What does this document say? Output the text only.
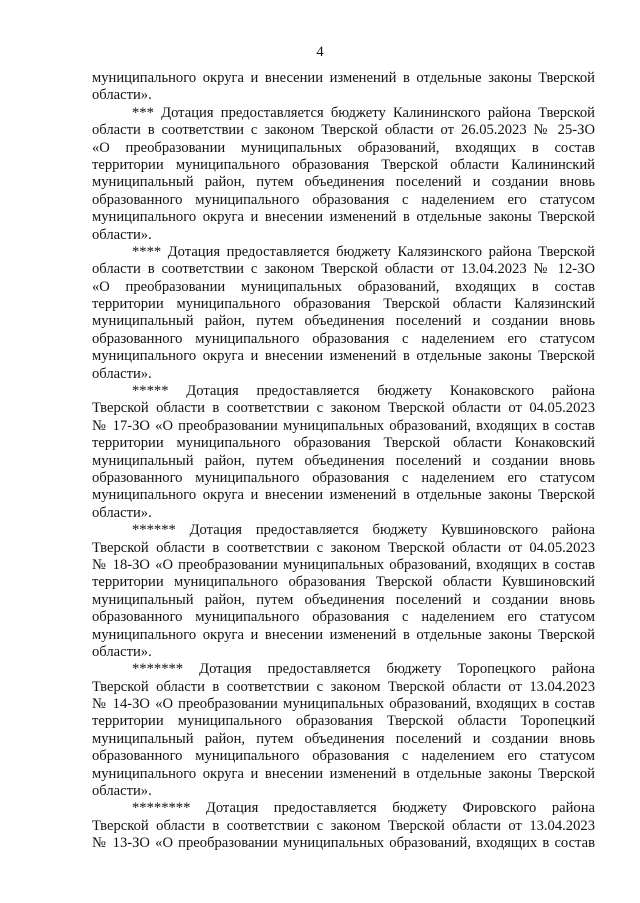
4
муниципального округа и внесении изменений в отдельные законы Тверской
области».
*** Дотация предоставляется бюджету Калининского района Тверской
области в соответствии с законом Тверской области от 26.05.2023 № 25-ЗО
«О преобразовании муниципальных образований, входящих в состав
территории муниципального образования Тверской области Калининский
муниципальный район, путем объединения поселений и создании вновь
образованного муниципального образования с наделением его статусом
муниципального округа и внесении изменений в отдельные законы Тверской
области».
**** Дотация предоставляется бюджету Калязинского района Тверской
области в соответствии с законом Тверской области от 13.04.2023 № 12-ЗО
«О преобразовании муниципальных образований, входящих в состав
территории муниципального образования Тверской области Калязинский
муниципальный район, путем объединения поселений и создании вновь
образованного муниципального образования с наделением его статусом
муниципального округа и внесении изменений в отдельные законы Тверской
области».
***** Дотация предоставляется бюджету Конаковского района
Тверской области в соответствии с законом Тверской области от 04.05.2023
№ 17-ЗО «О преобразовании муниципальных образований, входящих в состав
территории муниципального образования Тверской области Конаковский
муниципальный район, путем объединения поселений и создании вновь
образованного муниципального образования с наделением его статусом
муниципального округа и внесении изменений в отдельные законы Тверской
области».
****** Дотация предоставляется бюджету Кувшиновского района
Тверской области в соответствии с законом Тверской области от 04.05.2023
№ 18-ЗО «О преобразовании муниципальных образований, входящих в состав
территории муниципального образования Тверской области Кувшиновский
муниципальный район, путем объединения поселений и создании вновь
образованного муниципального образования с наделением его статусом
муниципального округа и внесении изменений в отдельные законы Тверской
области».
******* Дотация предоставляется бюджету Торопецкого района
Тверской области в соответствии с законом Тверской области от 13.04.2023
№ 14-ЗО «О преобразовании муниципальных образований, входящих в состав
территории муниципального образования Тверской области Торопецкий
муниципальный район, путем объединения поселений и создании вновь
образованного муниципального образования с наделением его статусом
муниципального округа и внесении изменений в отдельные законы Тверской
области».
******** Дотация предоставляется бюджету Фировского района
Тверской области в соответствии с законом Тверской области от 13.04.2023
№ 13-ЗО «О преобразовании муниципальных образований, входящих в состав
